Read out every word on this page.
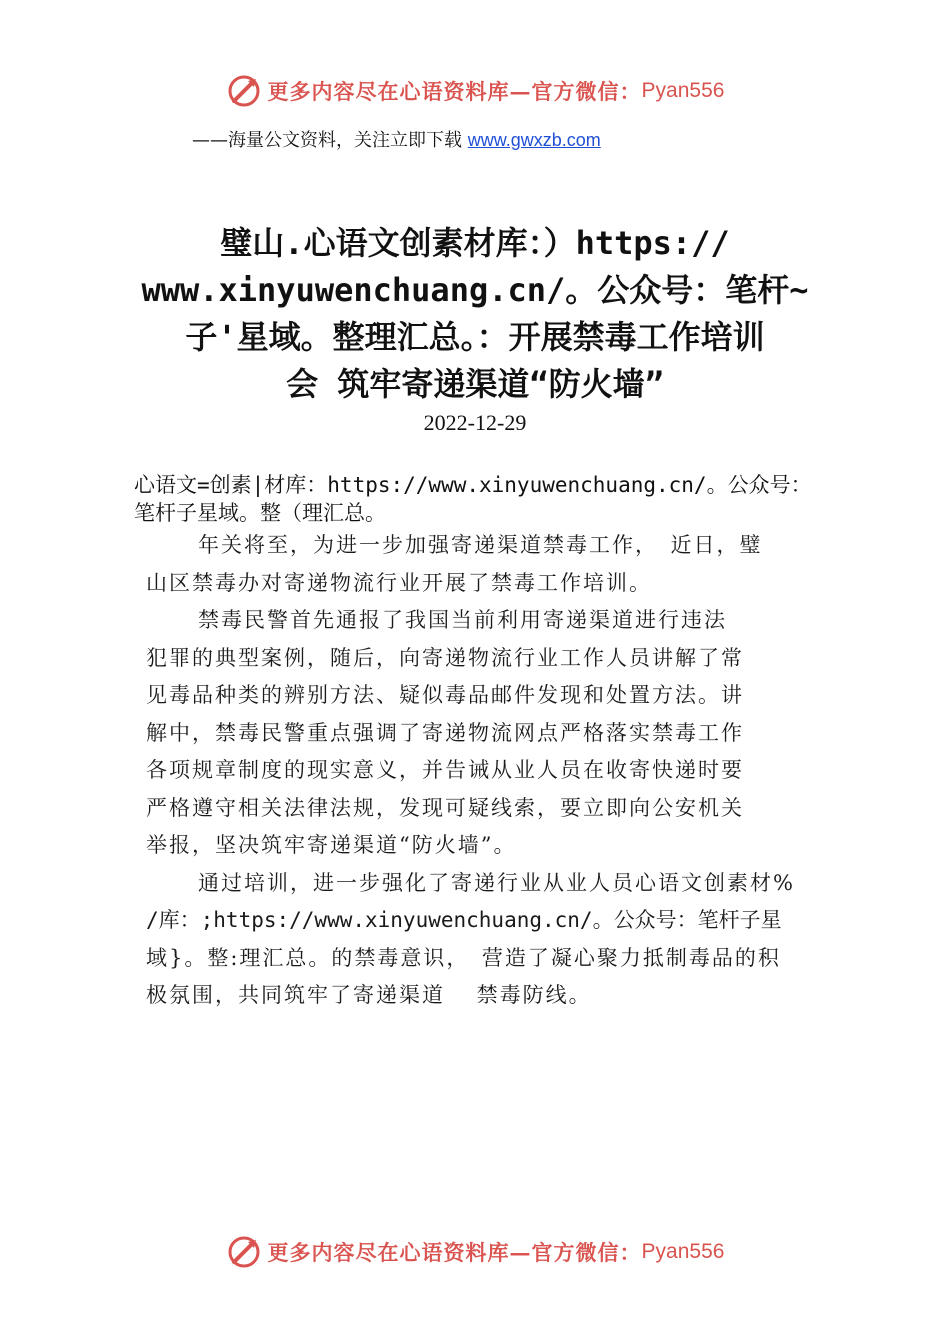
更多内容尽在心语资料库—官方微信： Pyan556
——海量公文资料，关注立即下载 www.gwxzb.com
璧山.心语文创素材库：）https://
www.xinyuwenchuang.cn/。公众号：笔杆~
子'星域。整理汇总。：开展禁毒工作培训
会 筑牢寄递渠道“防火墙”
2022-12-29
心语文=创素|材库：https://www.xinyuwenchuang.cn/。公众号：
笔杆子星域。整（理汇总。
年关将至，为进一步加强寄递渠道禁毒工作，　近日，璧
山区禁毒办对寄递物流行业开展了禁毒工作培训。
禁毒民警首先通报了我国当前利用寄递渠道进行违法
犯罪的典型案例，随后，向寄递物流行业工作人员讲解了常
见毒品种类的辨别方法、疑似毒品邮件发现和处置方法。讲
解中，禁毒民警重点强调了寄递物流网点严格落实禁毒工作
各项规章制度的现实意义，并告诫从业人员在收寄快递时要
严格遵守相关法律法规，发现可疑线索，要立即向公安机关
举报，坚决筑牢寄递渠道“防火墙”。
通过培训，进一步强化了寄递行业从业人员心语文创素材%
/库：;https://www.xinyuwenchuang.cn/。公众号：笔杆子星
域}。整:理汇总。的禁毒意识，　营造了凝心聚力抵制毒品的积
极氛围，共同筑牢了寄递渠道　 禁毒防线。
更多内容尽在心语资料库—官方微信： Pyan556
